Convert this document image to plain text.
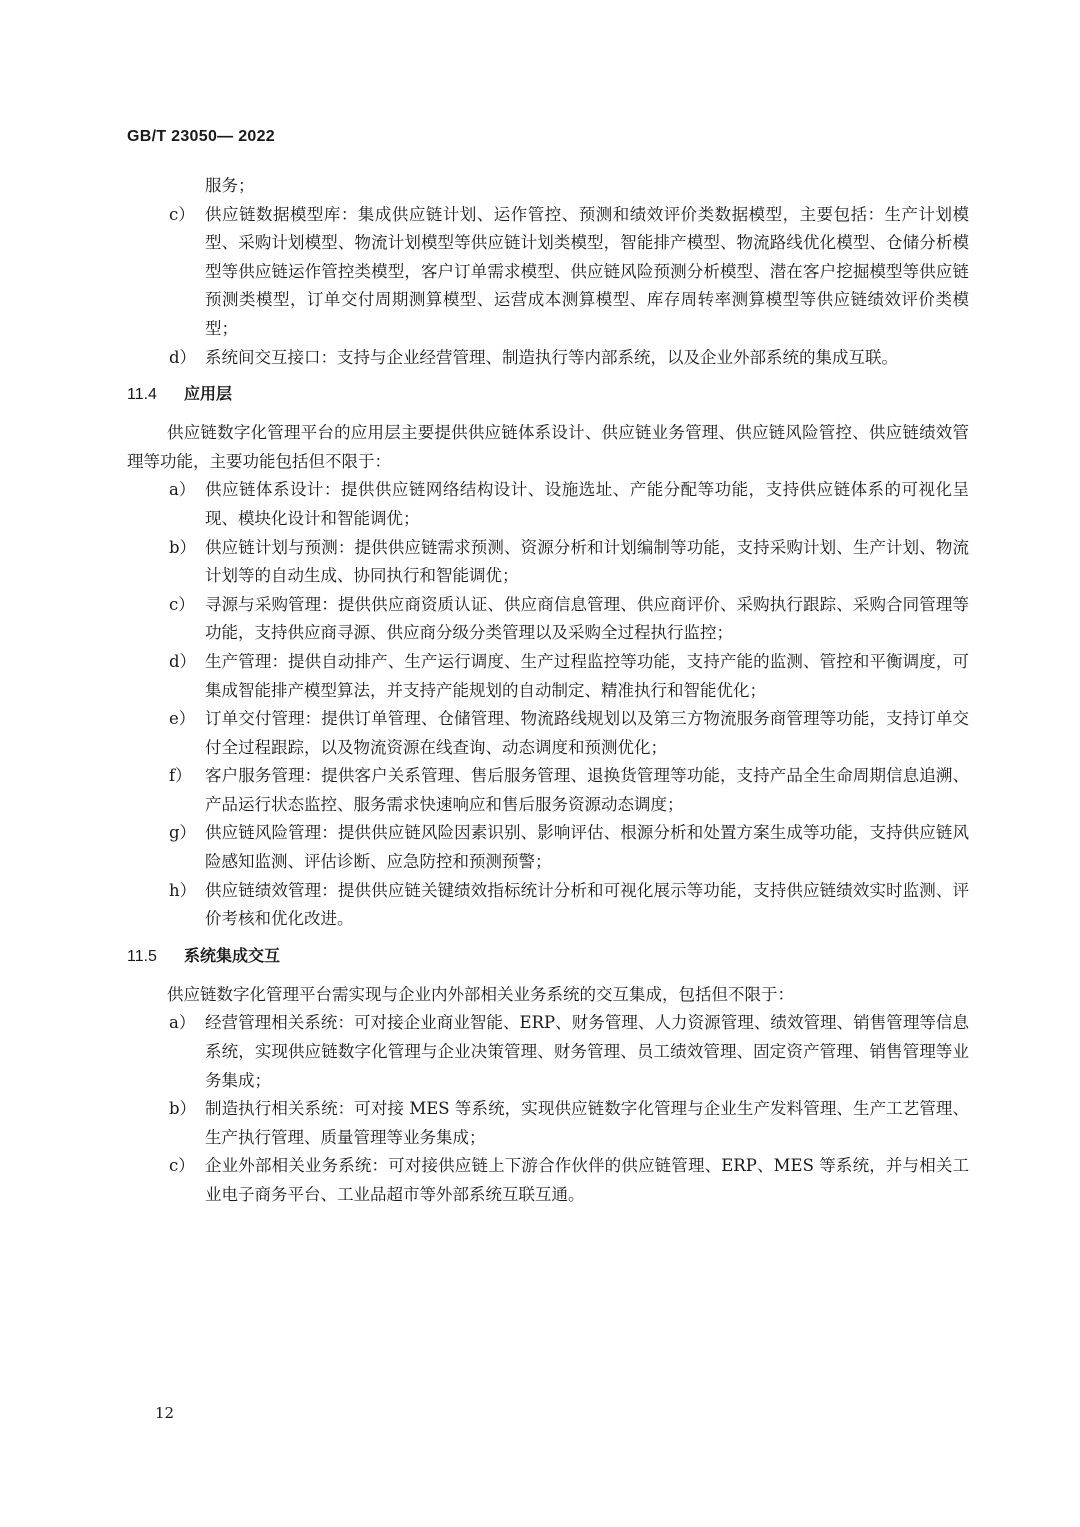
GB/T 23050— 2022
服务；
c） 供应链数据模型库：集成供应链计划、运作管控、预测和绩效评价类数据模型，主要包括：生产计划模型、采购计划模型、物流计划模型等供应链计划类模型，智能排产模型、物流路线优化模型、仓储分析模型等供应链运作管控类模型，客户订单需求模型、供应链风险预测分析模型、潜在客户挖掘模型等供应链预测类模型，订单交付周期测算模型、运营成本测算模型、库存周转率测算模型等供应链绩效评价类模型；
d） 系统间交互接口：支持与企业经营管理、制造执行等内部系统，以及企业外部系统的集成互联。
11.4	应用层

供应链数字化管理平台的应用层主要提供供应链体系设计、供应链业务管理、供应链风险管控、供应链绩效管理等功能，主要功能包括但不限于：

a） 供应链体系设计：提供供应链网络结构设计、设施选址、产能分配等功能，支持供应链体系的可视化呈现、模块化设计和智能调优；
b） 供应链计划与预测：提供供应链需求预测、资源分析和计划编制等功能，支持采购计划、生产计划、物流计划等的自动生成、协同执行和智能调优；
c） 寻源与采购管理：提供供应商资质认证、供应商信息管理、供应商评价、采购执行跟踪、采购合同管理等功能，支持供应商寻源、供应商分级分类管理以及采购全过程执行监控；
d） 生产管理：提供自动排产、生产运行调度、生产过程监控等功能，支持产能的监测、管控和平衡调度，可集成智能排产模型算法，并支持产能规划的自动制定、精准执行和智能优化；
e） 订单交付管理：提供订单管理、仓储管理、物流路线规划以及第三方物流服务商管理等功能，支持订单交付全过程跟踪，以及物流资源在线查询、动态调度和预测优化；
f） 客户服务管理：提供客户关系管理、售后服务管理、退换货管理等功能，支持产品全生命周期信息追溯、产品运行状态监控、服务需求快速响应和售后服务资源动态调度；
g） 供应链风险管理：提供供应链风险因素识别、影响评估、根源分析和处置方案生成等功能，支持供应链风险感知监测、评估诊断、应急防控和预测预警；
h） 供应链绩效管理：提供供应链关键绩效指标统计分析和可视化展示等功能，支持供应链绩效实时监测、评价考核和优化改进。
11.5	系统集成交互

供应链数字化管理平台需实现与企业内外部相关业务系统的交互集成，包括但不限于：

a） 经营管理相关系统：可对接企业商业智能、ERP、财务管理、人力资源管理、绩效管理、销售管理等信息系统，实现供应链数字化管理与企业决策管理、财务管理、员工绩效管理、固定资产管理、销售管理等业务集成；
b） 制造执行相关系统：可对接 MES 等系统，实现供应链数字化管理与企业生产发料管理、生产工艺管理、生产执行管理、质量管理等业务集成；
c） 企业外部相关业务系统：可对接供应链上下游合作伙伴的供应链管理、ERP、MES 等系统，并与相关工业电子商务平台、工业品超市等外部系统互联互通。
12
